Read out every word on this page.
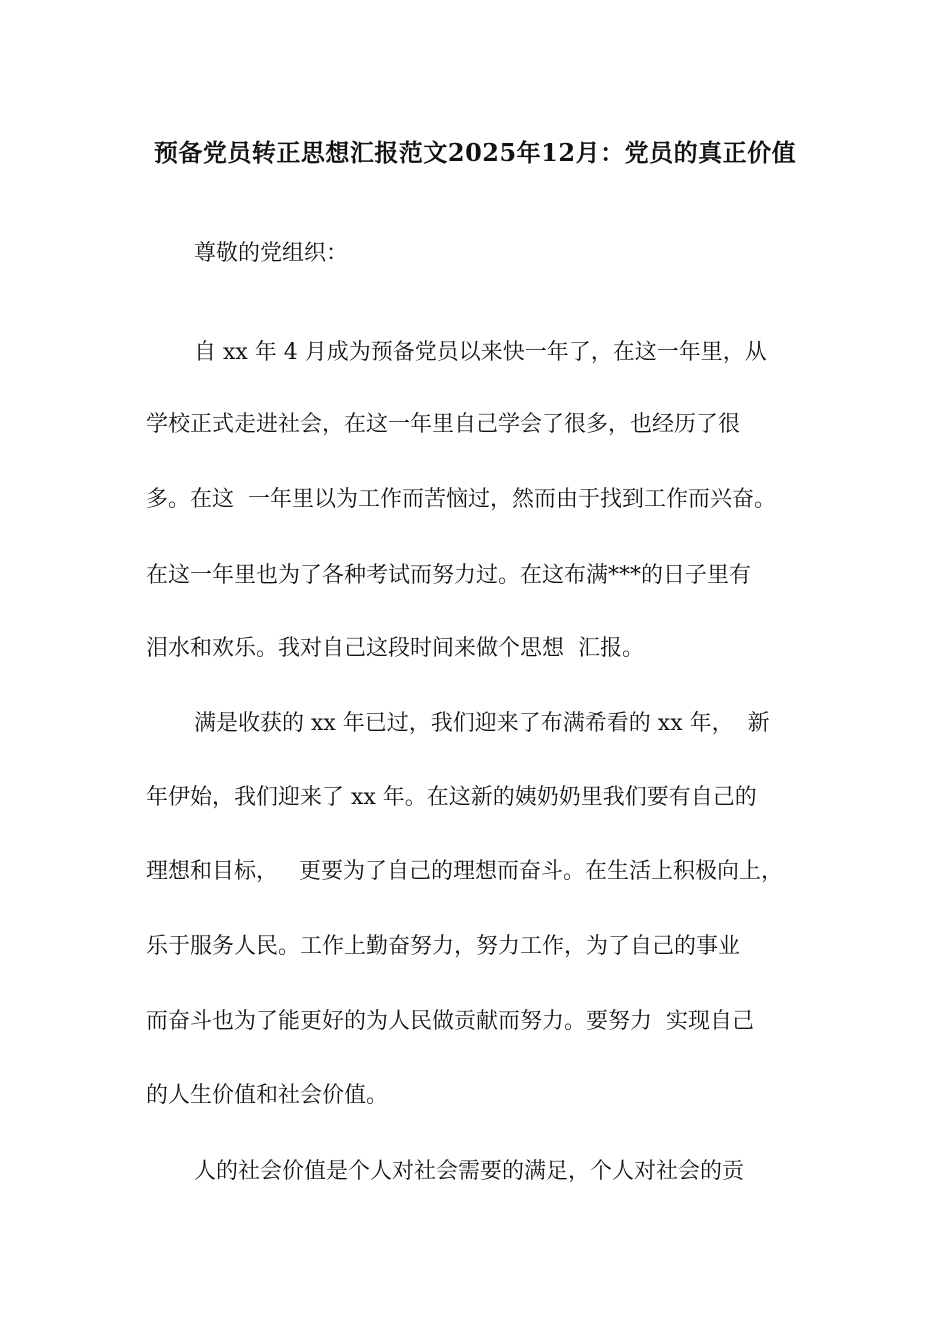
预备党员转正思想汇报范文2025年12月：党员的真正价值
尊敬的党组织：
自 xx 年 4 月成为预备党员以来快一年了，在这一年里，从
学校正式走进社会，在这一年里自己学会了很多，也经历了很
多。在这  一年里以为工作而苦恼过，然而由于找到工作而兴奋。
在这一年里也为了各种考试而努力过。在这布满***的日子里有
泪水和欢乐。我对自己这段时间来做个思想  汇报。
满是收获的 xx 年已过，我们迎来了布满希看的 xx 年，  新
年伊始，我们迎来了 xx 年。在这新的姨奶奶里我们要有自己的
理想和目标，   更要为了自己的理想而奋斗。在生活上积极向上，
乐于服务人民。工作上勤奋努力，努力工作，为了自己的事业
而奋斗也为了能更好的为人民做贡献而努力。要努力  实现自己
的人生价值和社会价值。
人的社会价值是个人对社会需要的满足，个人对社会的贡
